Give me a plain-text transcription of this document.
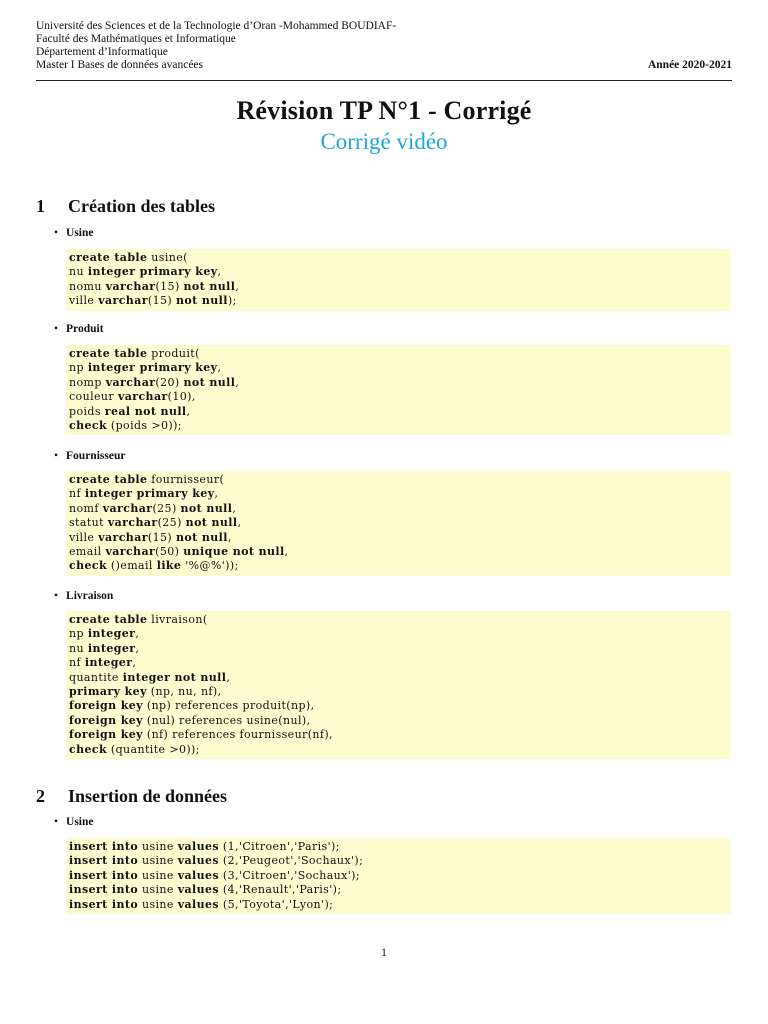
Université des Sciences et de la Technologie d’Oran -Mohammed BOUDIAF-
Faculté des Mathématiques et Informatique
Département d’Informatique
Master I Bases de données avancées	Année 2020-2021
Révision TP N°1 - Corrigé
Corrigé vidéo
1 Création des tables
• Usine
create table usine(
nu integer primary key,
nomu varchar(15) not null,
ville varchar(15) not null);
• Produit
create table produit(
np integer primary key,
nomp varchar(20) not null,
couleur varchar(10),
poids real not null,
check (poids >0));
• Fournisseur
create table fournisseur(
nf integer primary key,
nomf varchar(25) not null,
statut varchar(25) not null,
ville varchar(15) not null,
email varchar(50) unique not null,
check ()email like '%@%'));
• Livraison
create table livraison(
np integer,
nu integer,
nf integer,
quantite integer not null,
primary key (np, nu, nf),
foreign key (np) references produit(np),
foreign key (nul) references usine(nul),
foreign key (nf) references fournisseur(nf),
check (quantite >0));
2 Insertion de données
• Usine
insert into usine values (1,'Citroen','Paris');
insert into usine values (2,'Peugeot','Sochaux');
insert into usine values (3,'Citroen','Sochaux');
insert into usine values (4,'Renault','Paris');
insert into usine values (5,'Toyota','Lyon');
1
